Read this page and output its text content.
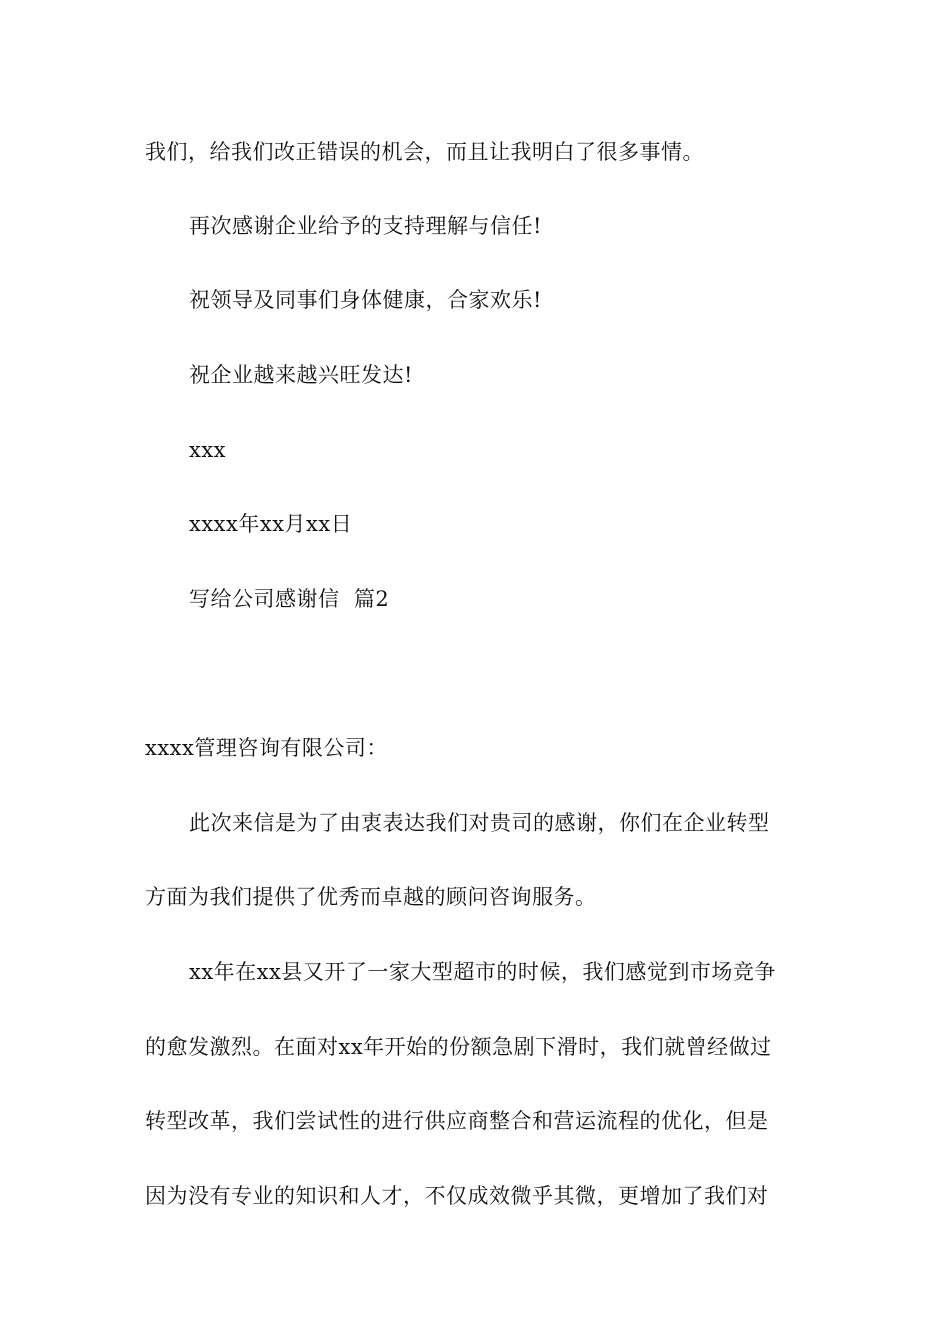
我们，给我们改正错误的机会，而且让我明白了很多事情。
再次感谢企业给予的支持理解与信任!
祝领导及同事们身体健康，合家欢乐!
祝企业越来越兴旺发达!
xxx
xxxx年xx月xx日
写给公司感谢信  篇2
xxxx管理咨询有限公司：
此次来信是为了由衷表达我们对贵司的感谢，你们在企业转型
方面为我们提供了优秀而卓越的顾问咨询服务。
xx年在xx县又开了一家大型超市的时候，我们感觉到市场竞争
的愈发激烈。在面对xx年开始的份额急剧下滑时，我们就曾经做过
转型改革，我们尝试性的进行供应商整合和营运流程的优化，但是
因为没有专业的知识和人才，不仅成效微乎其微，更增加了我们对
